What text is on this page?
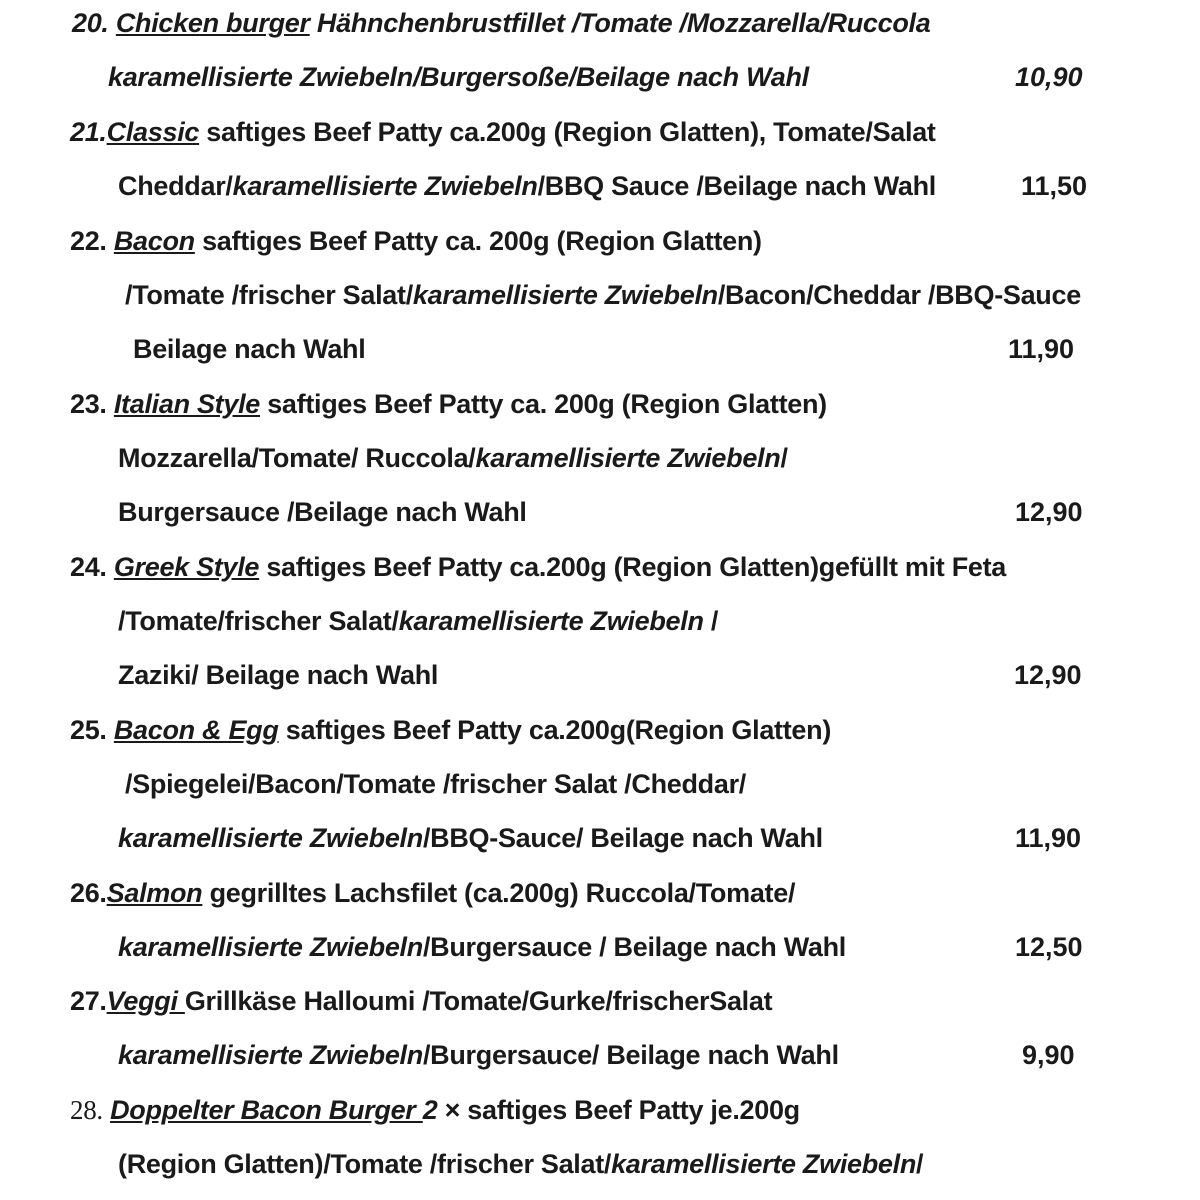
20. Chicken burger Hähnchenbrustfillet /Tomate /Mozzarella/Ruccola
karamellisierte Zwiebeln/Burgersoße/Beilage nach Wahl	10,90
21.Classic saftiges Beef Patty ca.200g (Region Glatten), Tomate/Salat
Cheddar/karamellisierte Zwiebeln/BBQ Sauce /Beilage nach Wahl	11,50
22. Bacon saftiges Beef Patty ca. 200g (Region Glatten)
/Tomate /frischer Salat/karamellisierte Zwiebeln/Bacon/Cheddar /BBQ-Sauce
Beilage nach Wahl	11,90
23. Italian Style saftiges Beef Patty ca. 200g (Region Glatten)
Mozzarella/Tomate/ Ruccola/karamellisierte Zwiebeln/
Burgersauce /Beilage nach Wahl	12,90
24. Greek Style saftiges Beef Patty ca.200g (Region Glatten)gefüllt mit Feta
/Tomate/frischer Salat/karamellisierte Zwiebeln /
Zaziki/ Beilage nach Wahl	12,90
25. Bacon & Egg saftiges Beef Patty ca.200g(Region Glatten)
/Spiegelei/Bacon/Tomate /frischer Salat /Cheddar/
karamellisierte Zwiebeln/BBQ-Sauce/ Beilage nach Wahl	11,90
26.Salmon gegrilltes Lachsfilet (ca.200g) Ruccola/Tomate/
karamellisierte Zwiebeln/Burgersauce / Beilage nach Wahl	12,50
27.Veggi Grillkäse Halloumi /Tomate/Gurke/frischerSalat
karamellisierte Zwiebeln/Burgersauce/ Beilage nach Wahl	9,90
28. Doppelter Bacon Burger 2 × saftiges Beef Patty je.200g
(Region Glatten)/Tomate /frischer Salat/karamellisierte Zwiebeln/
